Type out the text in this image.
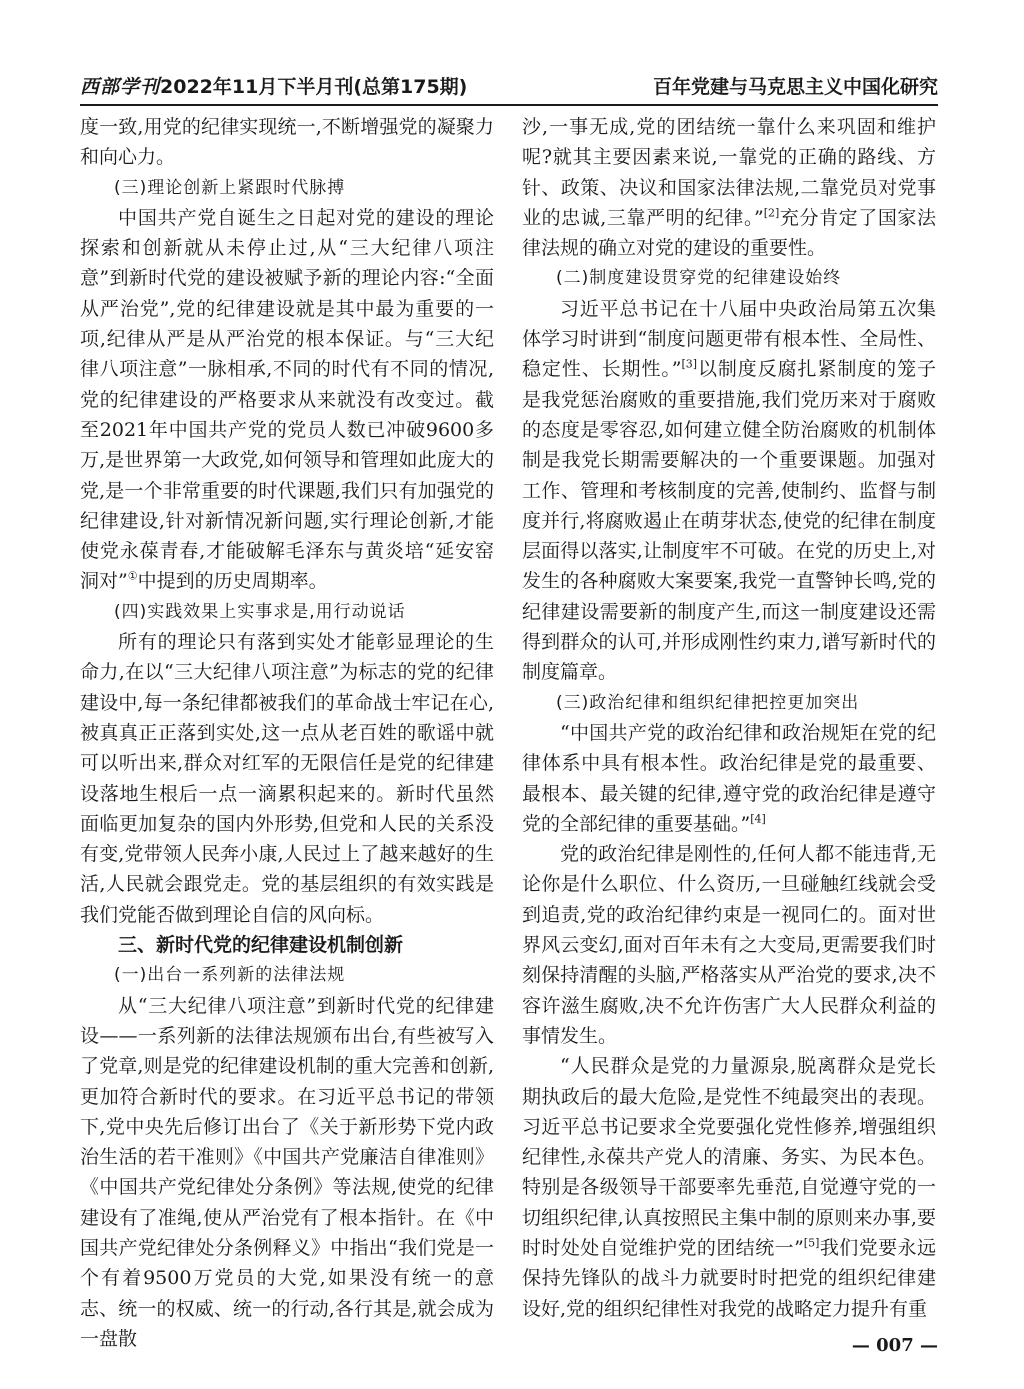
西部学刊 2022年11月下半月刊(总第175期)	百年党建与马克思主义中国化研究

度一致,用党的纪律实现统一,不断增强党的凝聚力和向心力。

(三)理论创新上紧跟时代脉搏

中国共产党自诞生之日起对党的建设的理论探索和创新就从未停止过,从“三大纪律八项注意”到新时代党的建设被赋予新的理论内容:“全面从严治党”,党的纪律建设就是其中最为重要的一项,纪律从严是从严治党的根本保证。与“三大纪律八项注意”一脉相承,不同的时代有不同的情况,党的纪律建设的严格要求从来就没有改变过。截至2021年中国共产党的党员人数已冲破9600多万,是世界第一大政党,如何领导和管理如此庞大的党,是一个非常重要的时代课题,我们只有加强党的纪律建设,针对新情况新问题,实行理论创新,才能使党永葆青春,才能破解毛泽东与黄炎培“延安窑洞对”①中提到的历史周期率。

(四)实践效果上实事求是,用行动说话

所有的理论只有落到实处才能彰显理论的生命力,在以“三大纪律八项注意”为标志的党的纪律建设中,每一条纪律都被我们的革命战士牢记在心,被真真正正落到实处,这一点从老百姓的歌谣中就可以听出来,群众对红军的无限信任是党的纪律建设落地生根后一点一滴累积起来的。新时代虽然面临更加复杂的国内外形势,但党和人民的关系没有变,党带领人民奔小康,人民过上了越来越好的生活,人民就会跟党走。党的基层组织的有效实践是我们党能否做到理论自信的风向标。

三、新时代党的纪律建设机制创新

(一)出台一系列新的法律法规

从“三大纪律八项注意”到新时代党的纪律建设——一系列新的法律法规颁布出台,有些被写入了党章,则是党的纪律建设机制的重大完善和创新,更加符合新时代的要求。在习近平总书记的带领下,党中央先后修订出台了《关于新形势下党内政治生活的若干准则》《中国共产党廉洁自律准则》《中国共产党纪律处分条例》等法规,使党的纪律建设有了准绳,使从严治党有了根本指针。在《中国共产党纪律处分条例释义》中指出“我们党是一个有着9500万党员的大党,如果没有统一的意志、统一的权威、统一的行动,各行其是,就会成为一盘散

沙,一事无成,党的团结统一靠什么来巩固和维护呢?就其主要因素来说,一靠党的正确的路线、方针、政策、决议和国家法律法规,二靠党员对党事业的忠诚,三靠严明的纪律。”[2]充分肯定了国家法律法规的确立对党的建设的重要性。

(二)制度建设贯穿党的纪律建设始终

习近平总书记在十八届中央政治局第五次集体学习时讲到“制度问题更带有根本性、全局性、稳定性、长期性。”[3]以制度反腐扎紧制度的笼子是我党惩治腐败的重要措施,我们党历来对于腐败的态度是零容忍,如何建立健全防治腐败的机制体制是我党长期需要解决的一个重要课题。加强对工作、管理和考核制度的完善,使制约、监督与制度并行,将腐败遏止在萌芽状态,使党的纪律在制度层面得以落实,让制度牢不可破。在党的历史上,对发生的各种腐败大案要案,我党一直警钟长鸣,党的纪律建设需要新的制度产生,而这一制度建设还需得到群众的认可,并形成刚性约束力,谱写新时代的制度篇章。

(三)政治纪律和组织纪律把控更加突出

“中国共产党的政治纪律和政治规矩在党的纪律体系中具有根本性。政治纪律是党的最重要、最根本、最关键的纪律,遵守党的政治纪律是遵守党的全部纪律的重要基础。”[4]

党的政治纪律是刚性的,任何人都不能违背,无论你是什么职位、什么资历,一旦碰触红线就会受到追责,党的政治纪律约束是一视同仁的。面对世界风云变幻,面对百年未有之大变局,更需要我们时刻保持清醒的头脑,严格落实从严治党的要求,决不容许滋生腐败,决不允许伤害广大人民群众利益的事情发生。

“人民群众是党的力量源泉,脱离群众是党长期执政后的最大危险,是党性不纯最突出的表现。习近平总书记要求全党要强化党性修养,增强组织纪律性,永葆共产党人的清廉、务实、为民本色。特别是各级领导干部要率先垂范,自觉遵守党的一切组织纪律,认真按照民主集中制的原则来办事,要时时处处自觉维护党的团结统一”[5]我们党要永远保持先锋队的战斗力就要时时把党的组织纪律建设好,党的组织纪律性对我党的战略定力提升有重

— 007 —
